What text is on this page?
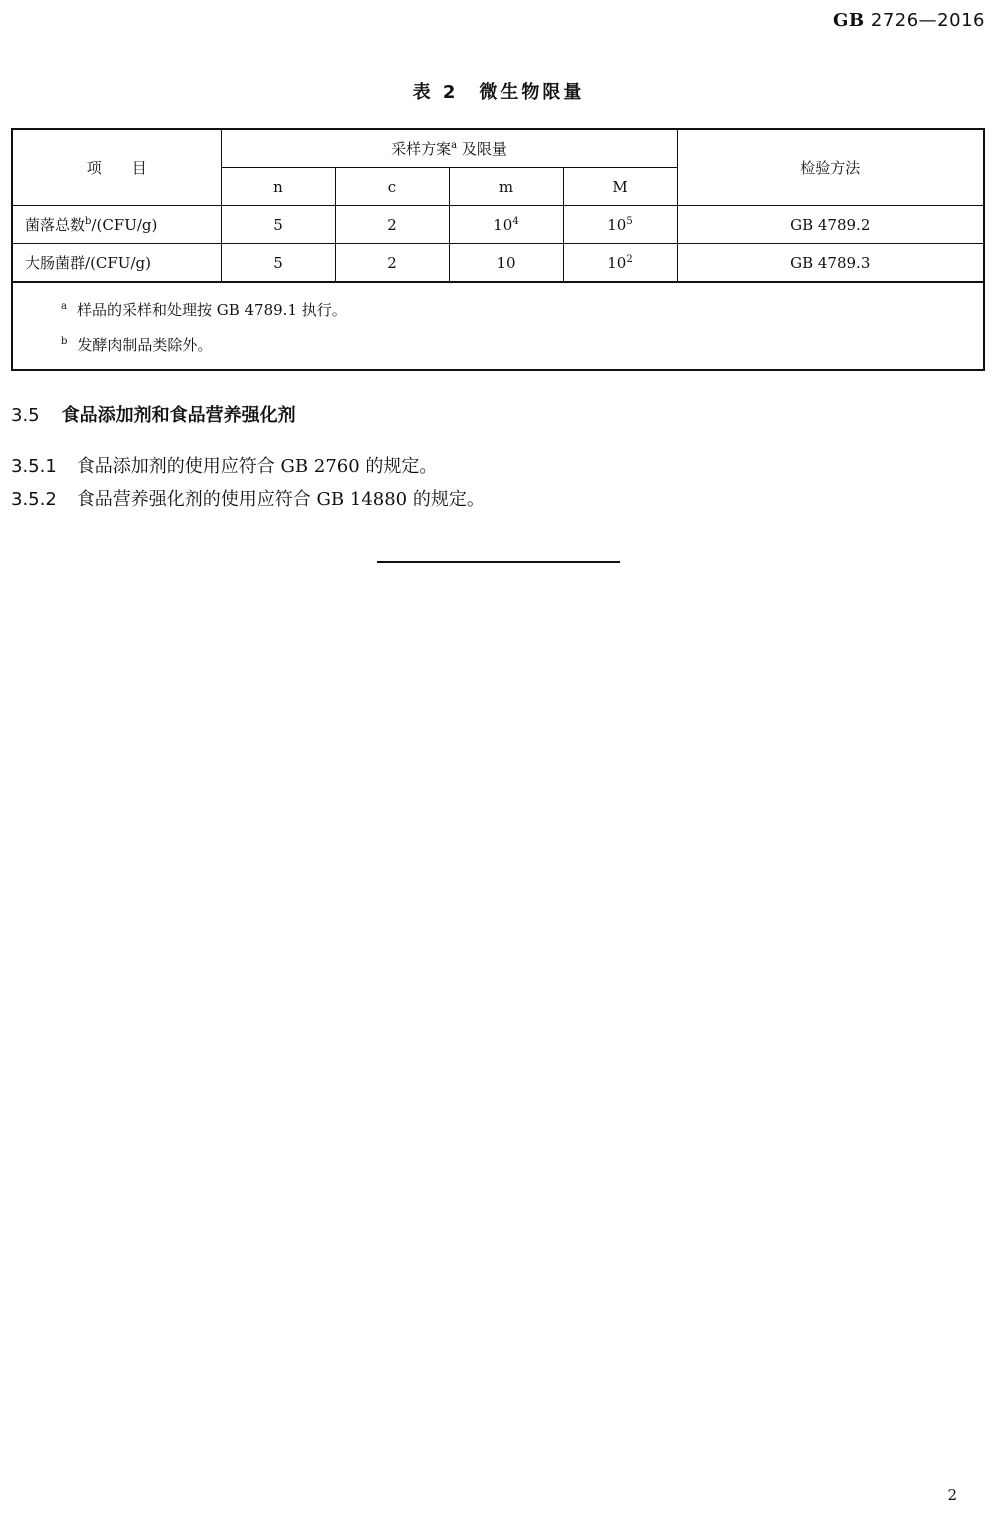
GB 2726—2016
表 2　微生物限量
项　　目	采样方案$^a$ 及限量				检验方法
	n	c	m	M	
菌落总数$^b$/(CFU/g)	5	2	$10^4$	$10^5$	GB 4789.2
大肠菌群/(CFU/g)	5	2	10	$10^2$	GB 4789.3

$^a$ 样品的采样和处理按 GB 4789.1 执行。
$^b$ 发酵肉制品类除外。					
3.5 食品添加剂和食品营养强化剂
3.5.1 食品添加剂的使用应符合 GB 2760 的规定。
3.5.2 食品营养强化剂的使用应符合 GB 14880 的规定。
2
